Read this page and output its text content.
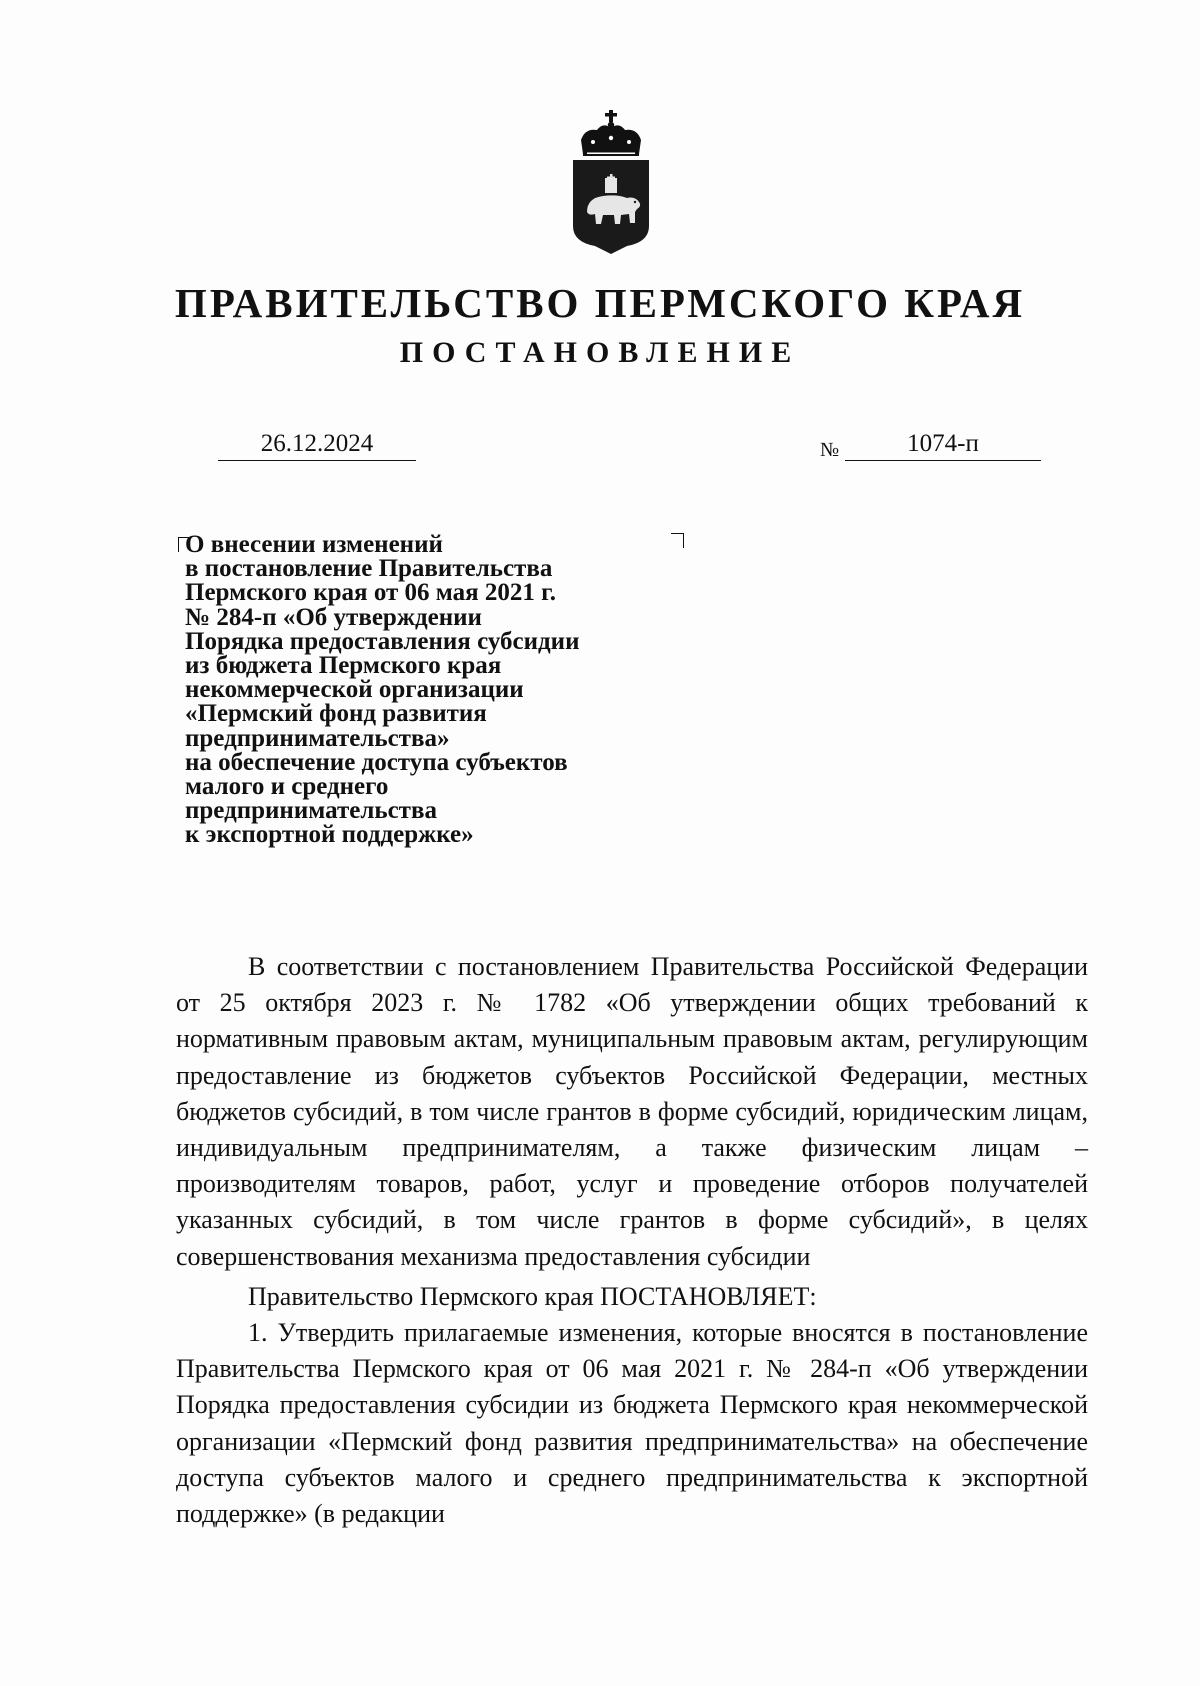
ПРАВИТЕЛЬСТВО ПЕРМСКОГО КРАЯ
ПОСТАНОВЛЕНИЕ
26.12.2024	№	1074-п

О внесении изменений
в постановление Правительства
Пермского края от 06 мая 2021 г.
№ 284-п «Об утверждении
Порядка предоставления субсидии
из бюджета Пермского края
некоммерческой организации
«Пермский фонд развития
предпринимательства»
на обеспечение доступа субъектов
малого и среднего
предпринимательства
к экспортной поддержке»

В соответствии с постановлением Правительства Российской Федерации от 25 октября 2023 г. № 1782 «Об утверждении общих требований к нормативным правовым актам, муниципальным правовым актам, регулирующим предоставление из бюджетов субъектов Российской Федерации, местных бюджетов субсидий, в том числе грантов в форме субсидий, юридическим лицам, индивидуальным предпринимателям, а также физическим лицам – производителям товаров, работ, услуг и проведение отборов получателей указанных субсидий, в том числе грантов в форме субсидий», в целях совершенствования механизма предоставления субсидии

Правительство Пермского края ПОСТАНОВЛЯЕТ:

1. Утвердить прилагаемые изменения, которые вносятся в постановление Правительства Пермского края от 06 мая 2021 г. № 284-п «Об утверждении Порядка предоставления субсидии из бюджета Пермского края некоммерческой организации «Пермский фонд развития предпринимательства» на обеспечение доступа субъектов малого и среднего предпринимательства к экспортной поддержке» (в редакции
